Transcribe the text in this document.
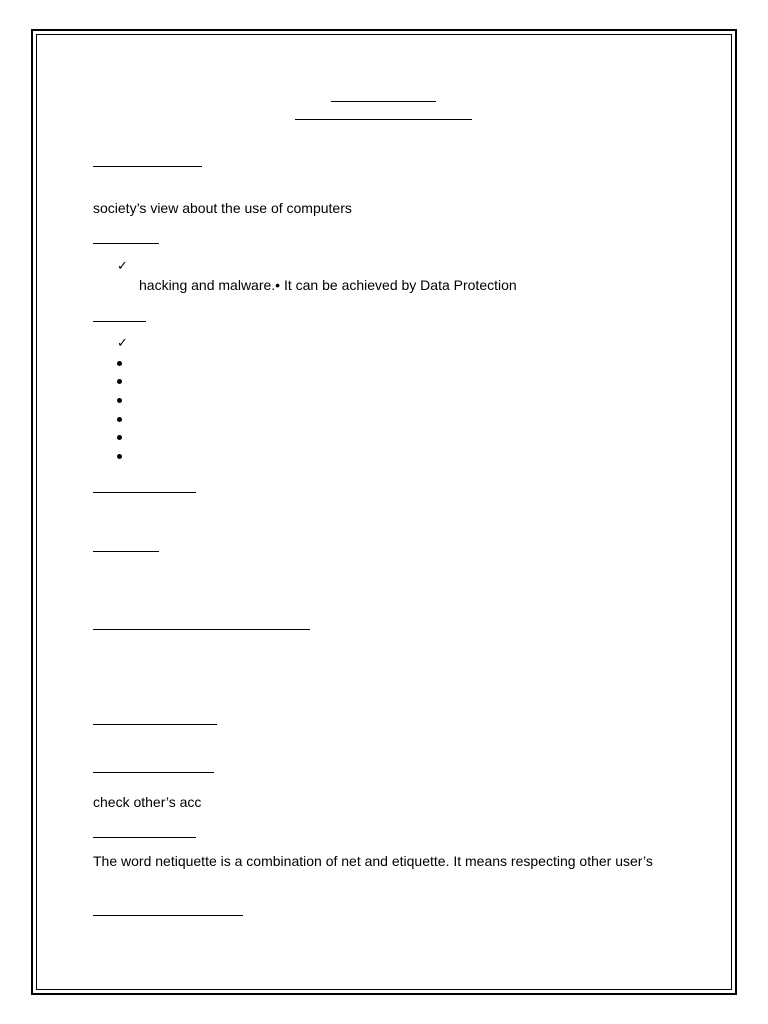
society’s view about the use of computers
✓
hacking and malware.• It can be achieved by Data Protection
✓
check other’s acc
The word netiquette is a combination of net and etiquette. It means respecting other user’s
